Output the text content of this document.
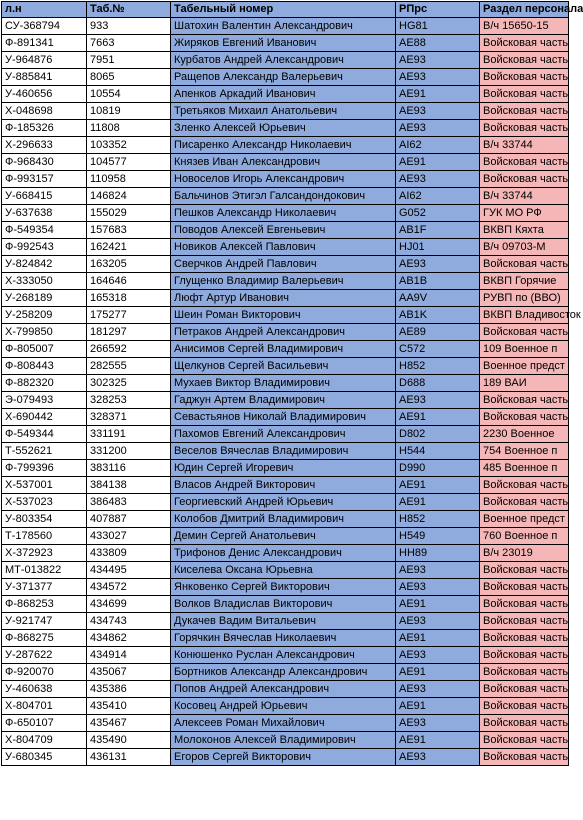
л.н	Таб.№	Табельный номер	РПрс	Раздел персонала
СУ-368794	933	Шатохин Валентин Александрович	HG81	В/ч 15650-15
Ф-891341	7663	Жиряков Евгений Иванович	AE88	Войсковая часть
У-964876	7951	Курбатов Андрей Александрович	AE93	Войсковая часть
У-885841	8065	Ращепов Александр Валерьевич	AE93	Войсковая часть
У-460656	10554	Апенков Аркадий Иванович	AE91	Войсковая часть
Х-048698	10819	Третьяков Михаил Анатольевич	AE93	Войсковая часть
Ф-185326	11808	Зленко Алексей Юрьевич	AE93	Войсковая часть
Х-296633	103352	Писаренко Александр Николаевич	AI62	В/ч 33744
Ф-968430	104577	Князев Иван Александрович	AE91	Войсковая часть
Ф-993157	110958	Новоселов Игорь Александрович	AE93	Войсковая часть
У-668415	146824	Бальчинов Этигэл Галсандондокович	AI62	В/ч 33744
У-637638	155029	Пешков Александр Николаевич	G052	ГУК МО РФ
Ф-549354	157683	Поводов Алексей Евгеньевич	AB1F	ВКВП Кяхта
Ф-992543	162421	Новиков Алексей Павлович	HJ01	В/ч 09703-М
У-824842	163205	Сверчков Андрей Павлович	AE93	Войсковая часть
Х-333050	164646	Глущенко Владимир Валерьевич	AB1B	ВКВП Горячие
У-268189	165318	Люфт Артур Иванович	AA9V	РУВП по (ВВО)
У-258209	175277	Шеин Роман Викторович	AB1K	ВКВП Владивосток
Х-799850	181297	Петраков Андрей Александрович	AE89	Войсковая часть
Ф-805007	266592	Анисимов Сергей Владимирович	C572	109 Военное п
Ф-808443	282555	Щелкунов Сергей Васильевич	H852	Военное предст
Ф-882320	302325	Мухаев Виктор Владимирович	D688	189 ВАИ
Э-079493	328253	Гаджун Артем Владимирович	AE93	Войсковая часть
Х-690442	328371	Севастьянов Николай Владимирович	AE91	Войсковая часть
Ф-549344	331191	Пахомов Евгений Александрович	D802	2230 Военное
Т-552621	331200	Веселов Вячеслав Владимирович	H544	754 Военное п
Ф-799396	383116	Юдин Сергей Игоревич	D990	485 Военное п
Х-537001	384138	Власов Андрей Викторович	AE91	Войсковая часть
Х-537023	386483	Георгиевский Андрей Юрьевич	AE91	Войсковая часть
У-803354	407887	Колобов Дмитрий Владимирович	H852	Военное предст
Т-178560	433027	Демин Сергей Анатольевич	H549	760 Военное п
Х-372923	433809	Трифонов Денис Александрович	HH89	В/ч 23019
МТ-013822	434495	Киселева Оксана Юрьевна	AE93	Войсковая часть
У-371377	434572	Янковенко Сергей Викторович	AE93	Войсковая часть
Ф-868253	434699	Волков Владислав Викторович	AE91	Войсковая часть
У-921747	434743	Дукачев Вадим Витальевич	AE93	Войсковая часть
Ф-868275	434862	Горячкин Вячеслав Николаевич	AE91	Войсковая часть
У-287622	434914	Конюшенко Руслан Александрович	AE93	Войсковая часть
Ф-920070	435067	Бортников Александр Александрович	AE91	Войсковая часть
У-460638	435386	Попов Андрей Александрович	AE93	Войсковая часть
Х-804701	435410	Косовец Андрей Юрьевич	AE91	Войсковая часть
Ф-650107	435467	Алексеев Роман Михайлович	AE93	Войсковая часть
Х-804709	435490	Молоконов Алексей Владимирович	AE91	Войсковая часть
У-680345	436131	Егоров Сергей Викторович	AE93	Войсковая часть
